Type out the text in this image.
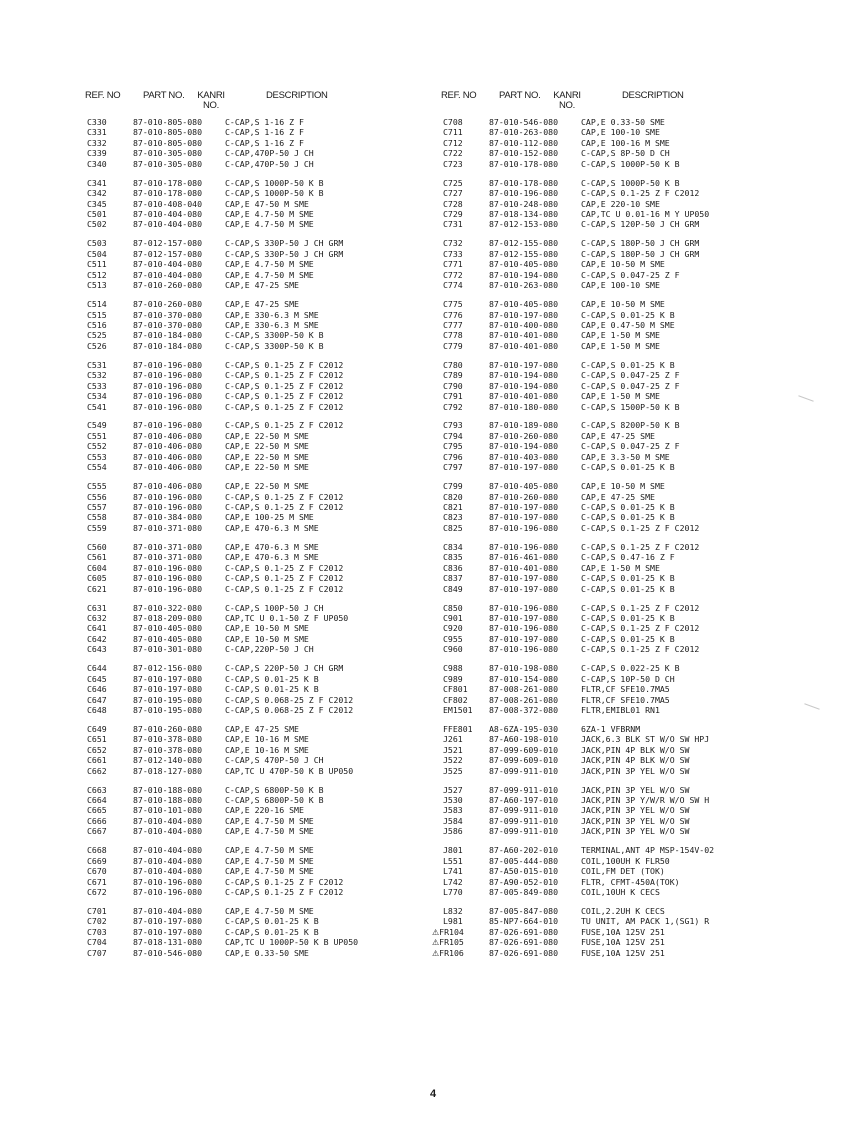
REF. NO PART NO. KANRI
NO.
DESCRIPTION
C330	87-010-805-080	C-CAP,S 1-16 Z F
C331	87-010-805-080	C-CAP,S 1-16 Z F
C332	87-010-805-080	C-CAP,S 1-16 Z F
C339	87-010-305-080	C-CAP,470P-50 J CH
C340	87-010-305-080	C-CAP,470P-50 J CH
C341	87-010-178-080	C-CAP,S 1000P-50 K B
C342	87-010-178-080	C-CAP,S 1000P-50 K B
C345	87-010-408-040	CAP,E 47-50 M SME
C501	87-010-404-080	CAP,E 4.7-50 M SME
C502	87-010-404-080	CAP,E 4.7-50 M SME
C503	87-012-157-080	C-CAP,S 330P-50 J CH GRM
C504	87-012-157-080	C-CAP,S 330P-50 J CH GRM
C511	87-010-404-080	CAP,E 4.7-50 M SME
C512	87-010-404-080	CAP,E 4.7-50 M SME
C513	87-010-260-080	CAP,E 47-25 SME
C514	87-010-260-080	CAP,E 47-25 SME
C515	87-010-370-080	CAP,E 330-6.3 M SME
C516	87-010-370-080	CAP,E 330-6.3 M SME
C525	87-010-184-080	C-CAP,S 3300P-50 K B
C526	87-010-184-080	C-CAP,S 3300P-50 K B
C531	87-010-196-080	C-CAP,S 0.1-25 Z F C2012
C532	87-010-196-080	C-CAP,S 0.1-25 Z F C2012
C533	87-010-196-080	C-CAP,S 0.1-25 Z F C2012
C534	87-010-196-080	C-CAP,S 0.1-25 Z F C2012
C541	87-010-196-080	C-CAP,S 0.1-25 Z F C2012
C549	87-010-196-080	C-CAP,S 0.1-25 Z F C2012
C551	87-010-406-080	CAP,E 22-50 M SME
C552	87-010-406-080	CAP,E 22-50 M SME
C553	87-010-406-080	CAP,E 22-50 M SME
C554	87-010-406-080	CAP,E 22-50 M SME
C555	87-010-406-080	CAP,E 22-50 M SME
C556	87-010-196-080	C-CAP,S 0.1-25 Z F C2012
C557	87-010-196-080	C-CAP,S 0.1-25 Z F C2012
C558	87-010-384-080	CAP,E 100-25 M SME
C559	87-010-371-080	CAP,E 470-6.3 M SME
C560	87-010-371-080	CAP,E 470-6.3 M SME
C561	87-010-371-080	CAP,E 470-6.3 M SME
C604	87-010-196-080	C-CAP,S 0.1-25 Z F C2012
C605	87-010-196-080	C-CAP,S 0.1-25 Z F C2012
C621	87-010-196-080	C-CAP,S 0.1-25 Z F C2012
C631	87-010-322-080	C-CAP,S 100P-50 J CH
C632	87-018-209-080	CAP,TC U 0.1-50 Z F UP050
C641	87-010-405-080	CAP,E 10-50 M SME
C642	87-010-405-080	CAP,E 10-50 M SME
C643	87-010-301-080	C-CAP,220P-50 J CH
C644	87-012-156-080	C-CAP,S 220P-50 J CH GRM
C645	87-010-197-080	C-CAP,S 0.01-25 K B
C646	87-010-197-080	C-CAP,S 0.01-25 K B
C647	87-010-195-080	C-CAP,S 0.068-25 Z F C2012
C648	87-010-195-080	C-CAP,S 0.068-25 Z F C2012
C649	87-010-260-080	CAP,E 47-25 SME
C651	87-010-378-080	CAP,E 10-16 M SME
C652	87-010-378-080	CAP,E 10-16 M SME
C661	87-012-140-080	C-CAP,S 470P-50 J CH
C662	87-018-127-080	CAP,TC U 470P-50 K B UP050
C663	87-010-188-080	C-CAP,S 6800P-50 K B
C664	87-010-188-080	C-CAP,S 6800P-50 K B
C665	87-010-101-080	CAP,E 220-16 SME
C666	87-010-404-080	CAP,E 4.7-50 M SME
C667	87-010-404-080	CAP,E 4.7-50 M SME
C668	87-010-404-080	CAP,E 4.7-50 M SME
C669	87-010-404-080	CAP,E 4.7-50 M SME
C670	87-010-404-080	CAP,E 4.7-50 M SME
C671	87-010-196-080	C-CAP,S 0.1-25 Z F C2012
C672	87-010-196-080	C-CAP,S 0.1-25 Z F C2012
C701	87-010-404-080	CAP,E 4.7-50 M SME
C702	87-010-197-080	C-CAP,S 0.01-25 K B
C703	87-010-197-080	C-CAP,S 0.01-25 K B
C704	87-018-131-080	CAP,TC U 1000P-50 K B UP050
C707	87-010-546-080	CAP,E 0.33-50 SME
REF. NO PART NO. KANRI
NO.
DESCRIPTION
C708	87-010-546-080	CAP,E 0.33-50 SME
C711	87-010-263-080	CAP,E 100-10 SME
C712	87-010-112-080	CAP,E 100-16 M SME
C722	87-010-152-080	C-CAP,S 8P-50 D CH
C723	87-010-178-080	C-CAP,S 1000P-50 K B
C725	87-010-178-080	C-CAP,S 1000P-50 K B
C727	87-010-196-080	C-CAP,S 0.1-25 Z F C2012
C728	87-010-248-080	CAP,E 220-10 SME
C729	87-018-134-080	CAP,TC U 0.01-16 M Y UP050
C731	87-012-153-080	C-CAP,S 120P-50 J CH GRM
C732	87-012-155-080	C-CAP,S 180P-50 J CH GRM
C733	87-012-155-080	C-CAP,S 180P-50 J CH GRM
C771	87-010-405-080	CAP,E 10-50 M SME
C772	87-010-194-080	C-CAP,S 0.047-25 Z F
C774	87-010-263-080	CAP,E 100-10 SME
C775	87-010-405-080	CAP,E 10-50 M SME
C776	87-010-197-080	C-CAP,S 0.01-25 K B
C777	87-010-400-080	CAP,E 0.47-50 M SME
C778	87-010-401-080	CAP,E 1-50 M SME
C779	87-010-401-080	CAP,E 1-50 M SME
C780	87-010-197-080	C-CAP,S 0.01-25 K B
C789	87-010-194-080	C-CAP,S 0.047-25 Z F
C790	87-010-194-080	C-CAP,S 0.047-25 Z F
C791	87-010-401-080	CAP,E 1-50 M SME
C792	87-010-180-080	C-CAP,S 1500P-50 K B
C793	87-010-189-080	C-CAP,S 8200P-50 K B
C794	87-010-260-080	CAP,E 47-25 SME
C795	87-010-194-080	C-CAP,S 0.047-25 Z F
C796	87-010-403-080	CAP,E 3.3-50 M SME
C797	87-010-197-080	C-CAP,S 0.01-25 K B
C799	87-010-405-080	CAP,E 10-50 M SME
C820	87-010-260-080	CAP,E 47-25 SME
C821	87-010-197-080	C-CAP,S 0.01-25 K B
C823	87-010-197-080	C-CAP,S 0.01-25 K B
C825	87-010-196-080	C-CAP,S 0.1-25 Z F C2012
C834	87-010-196-080	C-CAP,S 0.1-25 Z F C2012
C835	87-016-461-080	C-CAP,S 0.47-16 Z F
C836	87-010-401-080	CAP,E 1-50 M SME
C837	87-010-197-080	C-CAP,S 0.01-25 K B
C849	87-010-197-080	C-CAP,S 0.01-25 K B
C850	87-010-196-080	C-CAP,S 0.1-25 Z F C2012
C901	87-010-197-080	C-CAP,S 0.01-25 K B
C920	87-010-196-080	C-CAP,S 0.1-25 Z F C2012
C955	87-010-197-080	C-CAP,S 0.01-25 K B
C960	87-010-196-080	C-CAP,S 0.1-25 Z F C2012
C988	87-010-198-080	C-CAP,S 0.022-25 K B
C989	87-010-154-080	C-CAP,S 10P-50 D CH
CF801	87-008-261-080	FLTR,CF SFE10.7MA5
CF802	87-008-261-080	FLTR,CF SFE10.7MA5
EM1501 87-008-372-080	FLTR,EMIBL01 RN1
FFE801 A8-6ZA-195-030	6ZA-1 VFBRNM
J261	87-A60-198-010	JACK,6.3 BLK ST W/O SW HPJ
J521	87-099-609-010	JACK,PIN 4P BLK W/O SW
J522	87-099-609-010	JACK,PIN 4P BLK W/O SW
J525	87-099-911-010	JACK,PIN 3P YEL W/O SW
J527	87-099-911-010	JACK,PIN 3P YEL W/O SW
J530	87-A60-197-010	JACK,PIN 3P Y/W/R W/O SW H
J583	87-099-911-010	JACK,PIN 3P YEL W/O SW
J584	87-099-911-010	JACK,PIN 3P YEL W/O SW
J586	87-099-911-010	JACK,PIN 3P YEL W/O SW
J801	87-A60-202-010	TERMINAL,ANT 4P MSP-154V-02
L551	87-005-444-080	COIL,100UH K FLR50
L741	87-A50-015-010	COIL,FM DET (TOK)
L742	87-A90-052-010	FLTR, CFMT-450A(TOK)
L770	87-005-849-080	COIL,10UH K CECS
L832	87-005-847-080	COIL,2.2UH K CECS
L981	85-NP7-664-010	TU UNIT, AM PACK 1,(SG1) R
⚠FR104	87-026-691-080	FUSE,10A 125V 251
⚠FR105	87-026-691-080	FUSE,10A 125V 251
⚠FR106	87-026-691-080	FUSE,10A 125V 251
4
